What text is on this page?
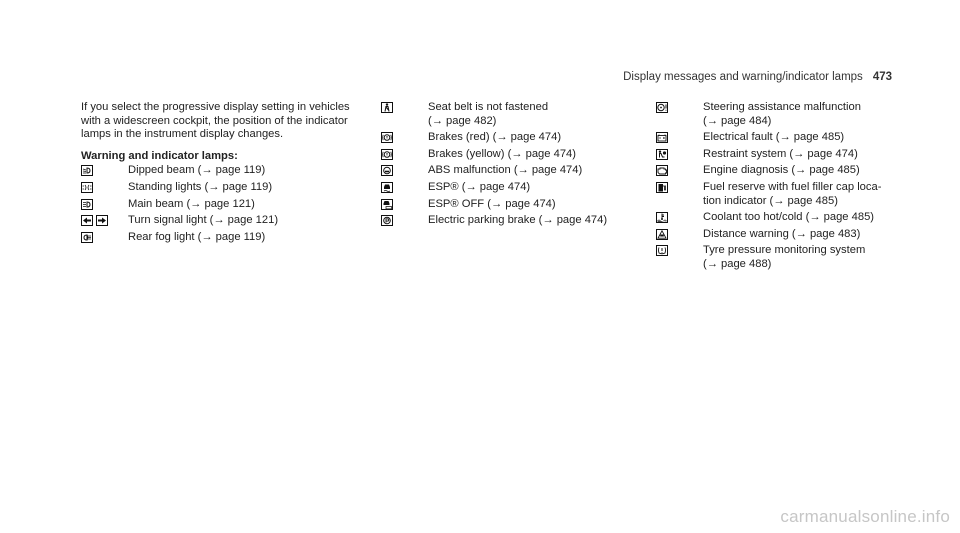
Display messages and warning/indicator lamps 473

If you select the progressive display setting in vehicles with a widescreen cockpit, the position of the indicator lamps in the instrument display changes.

Warning and indicator lamps:
Dipped beam (→ page 119)
Standing lights (→ page 119)
Main beam (→ page 121)
Turn signal light (→ page 121)
Rear fog light (→ page 119)
Seat belt is not fastened
(→ page 482)
Brakes (red) (→ page 474)
Brakes (yellow) (→ page 474)
ABS malfunction (→ page 474)
ESP® (→ page 474)
ESP® OFF (→ page 474)
Electric parking brake (→ page 474)
Steering assistance malfunction
(→ page 484)
Electrical fault (→ page 485)
Restraint system (→ page 474)
Engine diagnosis (→ page 485)
Fuel reserve with fuel filler cap loca-
tion indicator (→ page 485)
Coolant too hot/cold (→ page 485)
Distance warning (→ page 483)
Tyre pressure monitoring system
(→ page 488)
carmanualsonline.info
